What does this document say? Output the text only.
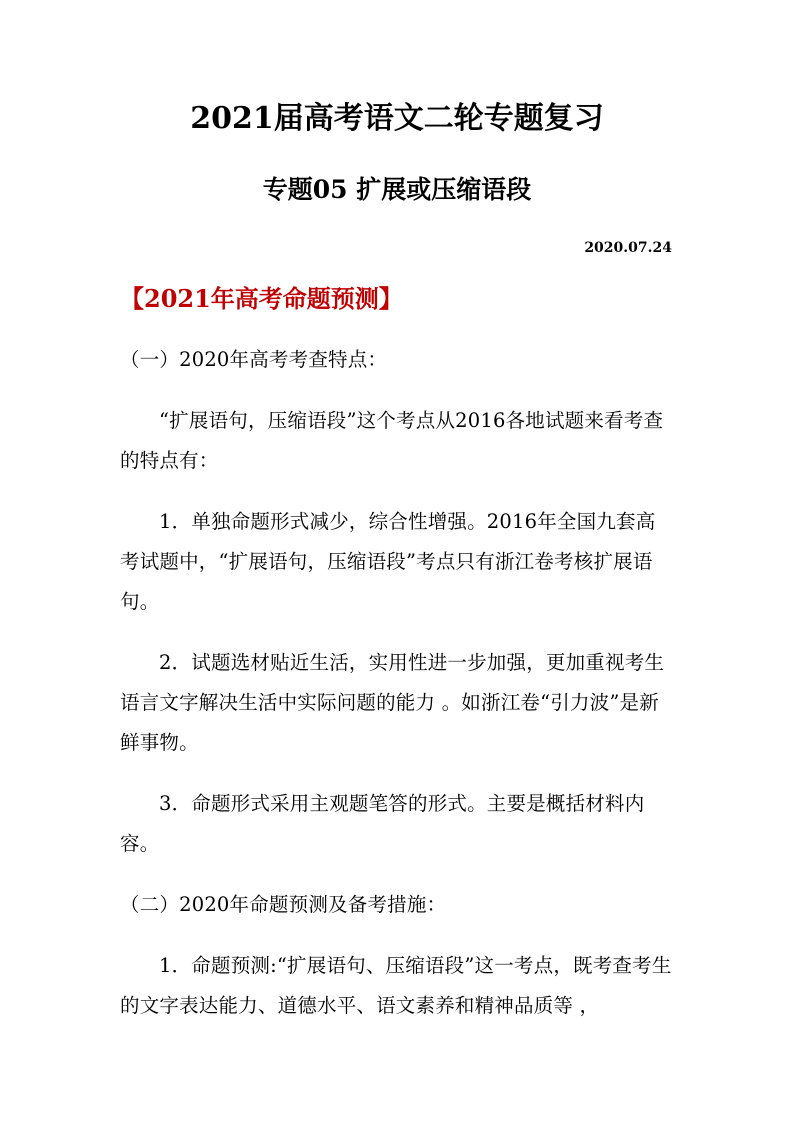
2021届高考语文二轮专题复习
专题05 扩展或压缩语段
2020.07.24
【2021年高考命题预测】

（一）2020年高考考查特点：

“扩展语句，压缩语段”这个考点从2016各地试题来看考查的特点有：

1．单独命题形式减少，综合性增强。2016年全国九套高考试题中，“扩展语句，压缩语段”考点只有浙江卷考核扩展语句。

2．试题选材贴近生活，实用性进一步加强，更加重视考生语言文字解决生活中实际问题的能力 。如浙江卷“引力波”是新鲜事物。

3．命题形式采用主观题笔答的形式。主要是概括材料内容。

（二）2020年命题预测及备考措施：

1．命题预测:“扩展语句、压缩语段”这一考点，既考查考生的文字表达能力、道德水平、语文素养和精神品质等 ，
